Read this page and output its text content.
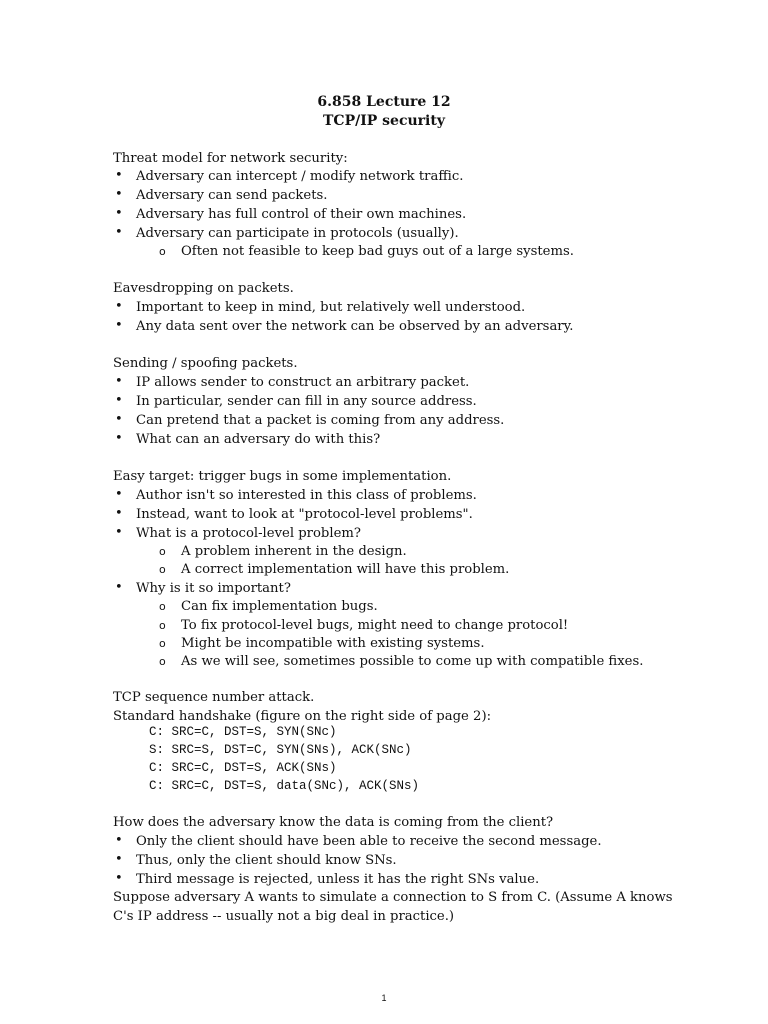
6.858 Lecture 12
TCP/IP security
Threat model for network security:
• Adversary can intercept / modify network traffic.
• Adversary can send packets.
• Adversary has full control of their own machines.
• Adversary can participate in protocols (usually).
o Often not feasible to keep bad guys out of a large systems.
Eavesdropping on packets.
• Important to keep in mind, but relatively well understood.
• Any data sent over the network can be observed by an adversary.
Sending / spoofing packets.
• IP allows sender to construct an arbitrary packet.
• In particular, sender can fill in any source address.
• Can pretend that a packet is coming from any address.
• What can an adversary do with this?
Easy target: trigger bugs in some implementation.
• Author isn't so interested in this class of problems.
• Instead, want to look at "protocol-level problems".
• What is a protocol-level problem?
o A problem inherent in the design.
o A correct implementation will have this problem.
• Why is it so important?
o Can fix implementation bugs.
o To fix protocol-level bugs, might need to change protocol!
o Might be incompatible with existing systems.
o As we will see, sometimes possible to come up with compatible fixes.
TCP sequence number attack.
Standard handshake (figure on the right side of page 2):
C: SRC=C, DST=S, SYN(SNc)
S: SRC=S, DST=C, SYN(SNs), ACK(SNc)
C: SRC=C, DST=S, ACK(SNs)
C: SRC=C, DST=S, data(SNc), ACK(SNs)
How does the adversary know the data is coming from the client?
• Only the client should have been able to receive the second message.
• Thus, only the client should know SNs.
• Third message is rejected, unless it has the right SNs value.
Suppose adversary A wants to simulate a connection to S from C. (Assume A knows
C's IP address -- usually not a big deal in practice.)
1
